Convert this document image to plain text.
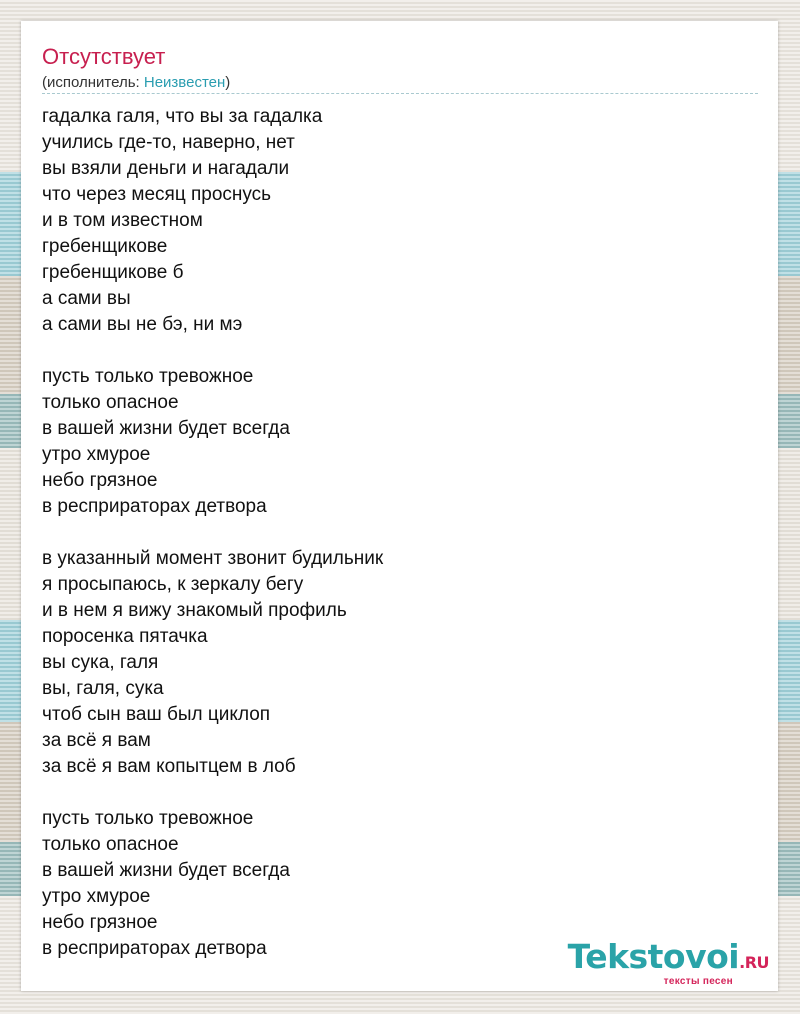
Отсутствует
(исполнитель: Неизвестен)
гадалка галя, что вы за гадалка
учились где-то, наверно, нет
вы взяли деньги и нагадали
что через месяц проснусь
и в том известном
гребенщикове
гребенщикове б
а сами вы
а сами вы не бэ, ни мэ
пусть только тревожное
только опасное
в вашей жизни будет всегда
утро хмурое
небо грязное
в респриратoрах детвора
в указанный момент звонит будильник
я просыпаюсь, к зеркалу бегу
и в нем я вижу знакомый профиль
поросенка пятачка
вы сука, галя
вы, галя, сука
чтоб сын ваш был циклоп
за всё я вам
за всё я вам копытцем в лоб
пусть только тревожное
только опасное
в вашей жизни будет всегда
утро хмурое
небо грязное
в респриратoрах детвора	Tekstovoi.RU
тексты песен
